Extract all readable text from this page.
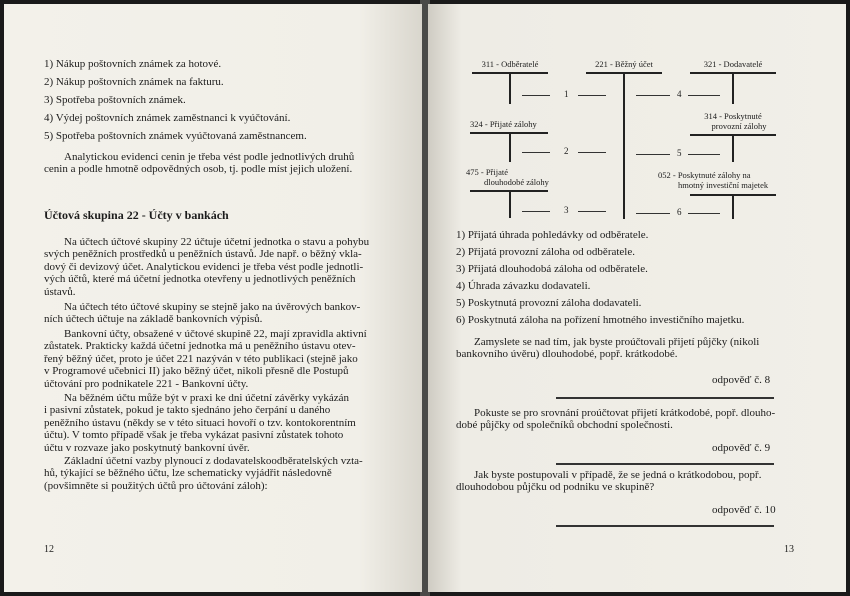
1) Nákup poštovních známek za hotové.
2) Nákup poštovních známek na fakturu.
3) Spotřeba poštovních známek.
4) Výdej poštovních známek zaměstnanci k vyúčtování.
5) Spotřeba poštovních známek vyúčtovaná zaměstnancem.

Analytickou evidenci cenin je třeba vést podle jednotlivých druhů

cenin a podle hmotně odpovědných osob, tj. podle míst jejich uložení.

Účtová skupina 22 - Účty v bankách

Na účtech účtové skupiny 22 účtuje účetní jednotka o stavu a pohybu

svých peněžních prostředků u peněžních ústavů. Jde např. o běžný vkla-

dový či devizový účet. Analytickou evidenci je třeba vést podle jednotli-

vých účtů, které má účetní jednotka otevřeny u jednotlivých peněžních

ústavů.

Na účtech této účtové skupiny se stejně jako na úvěrových bankov-

ních účtech účtuje na základě bankovních výpisů.

Bankovní účty, obsažené v účtové skupině 22, mají zpravidla aktivní

zůstatek. Prakticky každá účetní jednotka má u peněžního ústavu otev-

řený běžný účet, proto je účet 221 nazýván v této publikaci (stejně jako

v Programové učebnici II) jako běžný účet, nikoli přesně dle Postupů

účtování pro podnikatele 221 - Bankovní účty.

Na běžném účtu může být v praxi ke dni účetní závěrky vykázán

i pasivní zůstatek, pokud je takto sjednáno jeho čerpání u daného

peněžního ústavu (někdy se v této situaci hovoří o tzv. kontokorentním

účtu). V tomto případě však je třeba vykázat pasivní zůstatek tohoto

účtu v rozvaze jako poskytnutý bankovní úvěr.

Základní účetní vazby plynoucí z dodavatelskoodběratelských vzta-

hů, týkající se běžného účtu, lze schematicky vyjádřit následovně

(povšimněte si použitých účtů pro účtování záloh):

12
311 - Odběratelé	221 - Běžný účet	321 - Dodavatelé
324 - Přijaté zálohy
314 - Poskytnuté
provozní zálohy
475 - Přijaté
dlouhodobé zálohy
052 - Poskytnuté zálohy na
hmotný investiční majetek
1	4
2	5
3	6
1) Přijatá úhrada pohledávky od odběratele.
2) Přijatá provozní záloha od odběratele.
3) Přijatá dlouhodobá záloha od odběratele.
4) Úhrada závazku dodavateli.
5) Poskytnutá provozní záloha dodavateli.
6) Poskytnutá záloha na pořízení hmotného investičního majetku.

Zamyslete se nad tím, jak byste proúčtovali přijetí půjčky (nikoli

bankovního úvěru) dlouhodobé, popř. krátkodobé.

odpověď č. 8

Pokuste se pro srovnání proúčtovat přijetí krátkodobé, popř. dlouho-

dobé půjčky od společníků obchodní společnosti.

odpověď č. 9

Jak byste postupovali v případě, že se jedná o krátkodobou, popř.

dlouhodobou půjčku od podniku ve skupině?

odpověď č. 10
13
